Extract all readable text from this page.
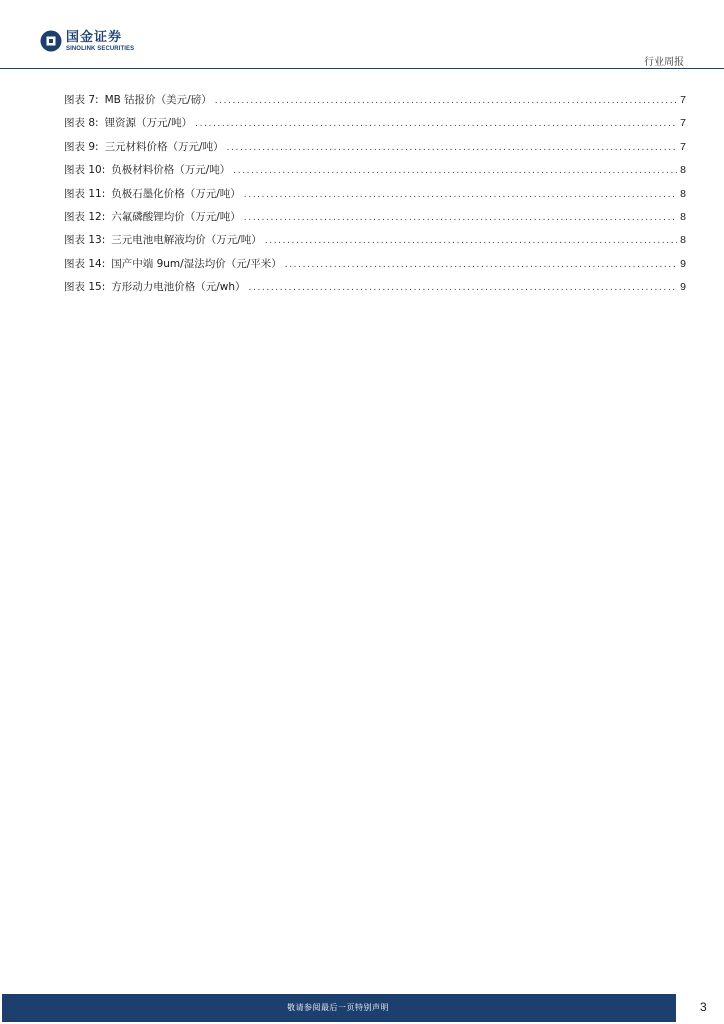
国金证券
SINOLINK SECURITIES
行业周报
图表 7: MB 钴报价（美元/磅） .....	7
图表 8: 锂资源（万元/吨） .....	7
图表 9: 三元材料价格（万元/吨） .....	7
图表 10: 负极材料价格（万元/吨） .....	8
图表 11: 负极石墨化价格（万元/吨） .....	8
图表 12: 六氟磷酸锂均价（万元/吨） .....	8
图表 13: 三元电池电解液均价（万元/吨） .....	8
图表 14: 国产中端 9um/湿法均价（元/平米） .....	9
图表 15: 方形动力电池价格（元/wh） .....	9
敬请参阅最后一页特别声明	3
